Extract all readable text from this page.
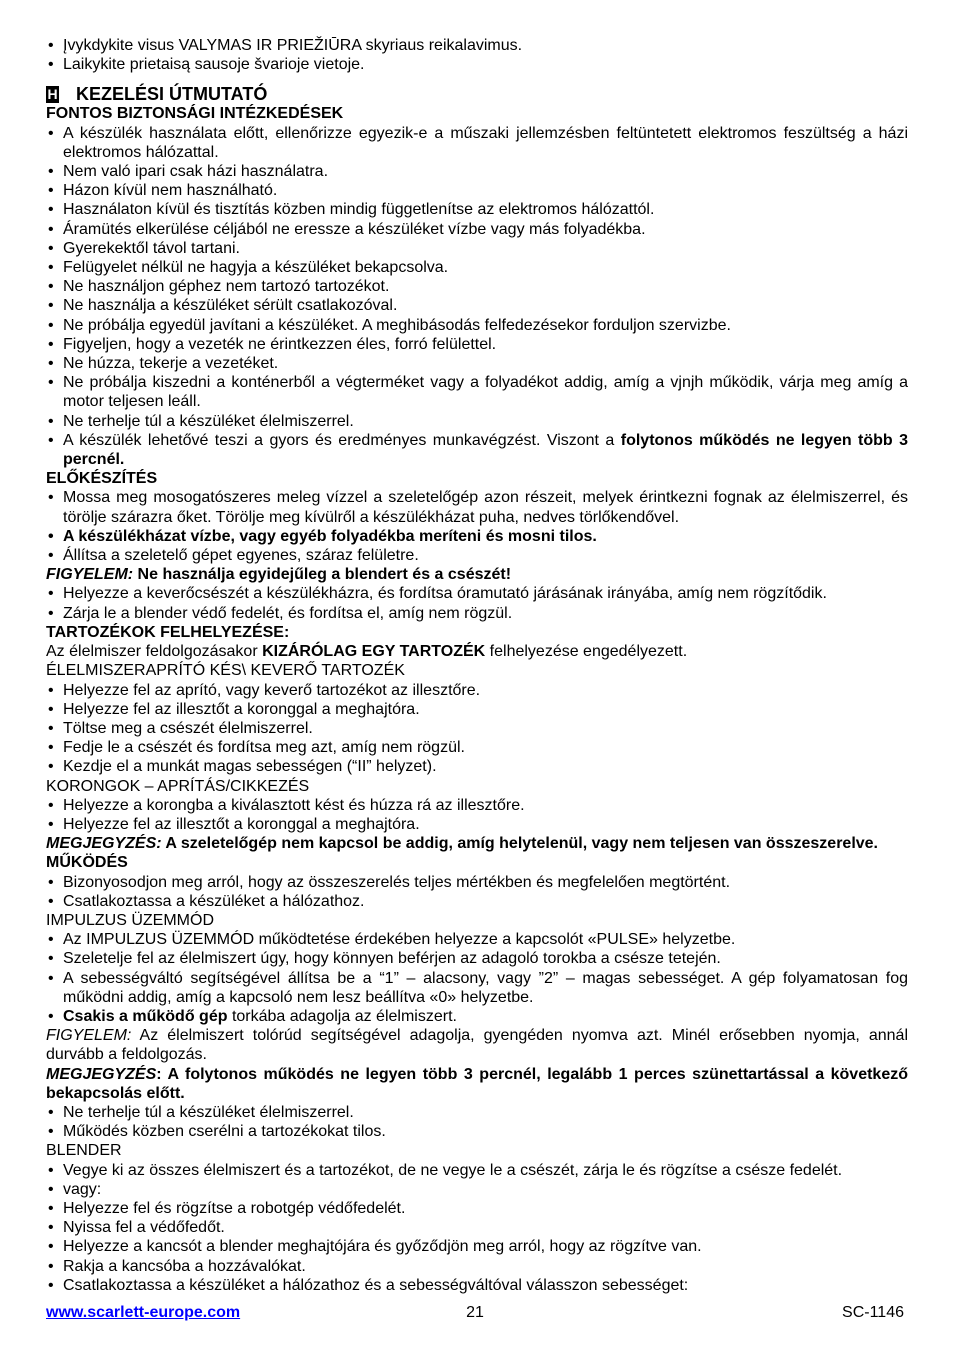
• Įvykdykite visus VALYMAS IR PRIEŽIŪRA skyriaus reikalavimus.
• Laikykite prietaisą sausoje švarioje vietoje.
H KEZELÉSI ÚTMUTATÓ

FONTOS BIZTONSÁGI INTÉZKEDÉSEK

• A készülék használata előtt, ellenőrizze egyezik-e a műszaki jellemzésben feltüntetett elektromos feszültség a házi elektromos hálózattal.
• Nem való ipari csak házi használatra.
• Házon kívül nem használható.
• Használaton kívül és tisztítás közben mindig függetlenítse az elektromos hálózattól.
• Áramütés elkerülése céljából ne eressze a készüléket vízbe vagy más folyadékba.
• Gyerekektől távol tartani.
• Felügyelet nélkül ne hagyja a készüléket bekapcsolva.
• Ne használjon géphez nem tartozó tartozékot.
• Ne használja a készüléket sérült csatlakozóval.
• Ne próbálja egyedül javítani a készüléket. A meghibásodás felfedezésekor forduljon szervizbe.
• Figyeljen, hogy a vezeték ne érintkezzen éles, forró felülettel.
• Ne húzza, tekerje a vezetéket.
• Ne próbálja kiszedni a konténerből a végterméket vagy a folyadékot addig, amíg a vjnjh működik, várja meg amíg a motor teljesen leáll.
• Ne terhelje túl a készüléket élelmiszerrel.
• A készülék lehetővé teszi a gyors és eredményes munkavégzést. Viszont a folytonos működés ne legyen több 3 percnél.

ELŐKÉSZÍTÉS

• Mossa meg mosogatószeres meleg vízzel a szeletelőgép azon részeit, melyek érintkezni fognak az élelmiszerrel, és törölje szárazra őket. Törölje meg kívülről a készülékházat puha, nedves törlőkendővel.
• A készülékházat vízbe, vagy egyéb folyadékba meríteni és mosni tilos.
• Állítsa a szeletelő gépet egyenes, száraz felületre.

FIGYELEM: Ne használja egyidejűleg a blendert és a csészét!

• Helyezze a keverőcsészét a készülékházra, és fordítsa óramutató járásának irányába, amíg nem rögzítődik.
• Zárja le a blender védő fedelét, és fordítsa el, amíg nem rögzül.

TARTOZÉKOK FELHELYEZÉSE:

Az élelmiszer feldolgozásakor KIZÁRÓLAG EGY TARTOZÉK felhelyezése engedélyezett.

ÉLELMISZERAPRÍTÓ KÉS\ KEVERŐ TARTOZÉK

• Helyezze fel az aprító, vagy keverő tartozékot az illesztőre.
• Helyezze fel az illesztőt a koronggal a meghajtóra.
• Töltse meg a csészét élelmiszerrel.
• Fedje le a csészét és fordítsa meg azt, amíg nem rögzül.
• Kezdje el a munkát magas sebességen (“II” helyzet).

KORONGOK – APRÍTÁS/CIKKEZÉS

• Helyezze a korongba a kiválasztott kést és húzza rá az illesztőre.
• Helyezze fel az illesztőt a koronggal a meghajtóra.

MEGJEGYZÉS: A szeletelőgép nem kapcsol be addig, amíg helytelenül, vagy nem teljesen van összeszerelve.

MŰKÖDÉS

• Bizonyosodjon meg arról, hogy az összeszerelés teljes mértékben és megfelelően megtörtént.
• Csatlakoztassa a készüléket a hálózathoz.

IMPULZUS ÜZEMMÓD

• Az IMPULZUS ÜZEMMÓD működtetése érdekében helyezze a kapcsolót «PULSE» helyzetbe.
• Szeletelje fel az élelmiszert úgy, hogy könnyen beférjen az adagoló torokba a csésze tetején.
• A sebességváltó segítségével állítsa be a “1” – alacsony, vagy ”2” – magas sebességet. A gép folyamatosan fog működni addig, amíg a kapcsoló nem lesz beállítva «0» helyzetbe.
• Csakis a működő gép torkába adagolja az élelmiszert.

FIGYELEM: Az élelmiszert tolórúd segítségével adagolja, gyengéden nyomva azt. Minél erősebben nyomja, annál durvább a feldolgozás.

MEGJEGYZÉS: A folytonos működés ne legyen több 3 percnél, legalább 1 perces szünettartással a következő bekapcsolás előtt.

• Ne terhelje túl a készüléket élelmiszerrel.
• Működés közben cserélni a tartozékokat tilos.

BLENDER

• Vegye ki az összes élelmiszert és a tartozékot, de ne vegye le a csészét, zárja le és rögzítse a csésze fedelét.
• vagy:
• Helyezze fel és rögzítse a robotgép védőfedelét.
• Nyissa fel a védőfedőt.
• Helyezze a kancsót a blender meghajtójára és győződjön meg arról, hogy az rögzítve van.
• Rakja a kancsóba a hozzávalókat.
• Csatlakoztassa a készüléket a hálózathoz és a sebességváltóval válasszon sebességet:
www.scarlett-europe.com	21	SC-1146
